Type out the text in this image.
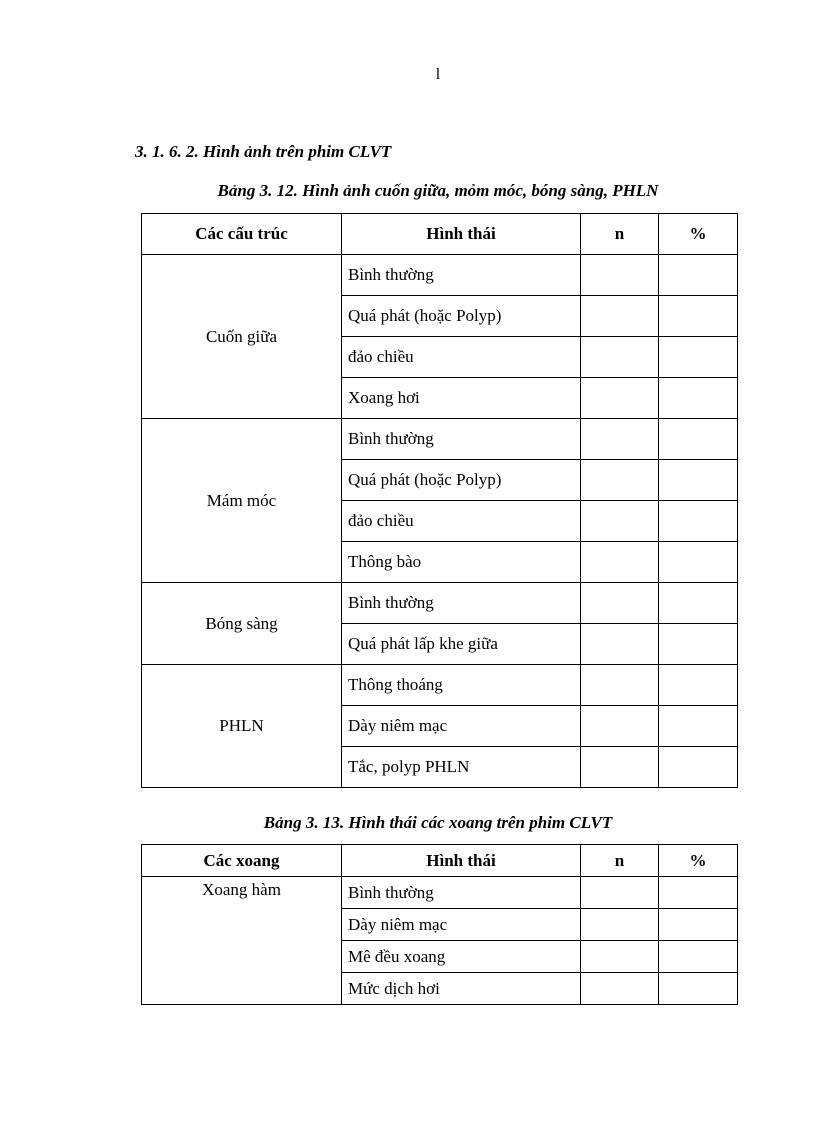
l
3. 1. 6. 2. Hình ảnh trên phim CLVT
Bảng 3. 12. Hình ảnh cuốn giữa, mỏm móc, bóng sàng, PHLN
Các cấu trúc	Hình thái	n	%
Cuốn giữa	Bình thường		
	Quá phát (hoặc Polyp)		
	đảo chiều		
	Xoang hơi		
Mám móc	Bình thường		
	Quá phát (hoặc Polyp)		
	đảo chiều		
	Thông bào		
Bóng sàng	Bình thường		
	Quá phát lấp khe giữa		
PHLN	Thông thoáng		
	Dày niêm mạc		
	Tắc, polyp PHLN		
Bảng 3. 13. Hình thái các xoang trên phim CLVT
Các xoang	Hình thái	n	%
Xoang hàm	Bình thường		
	Dày niêm mạc		
	Mê đều xoang		
	Mức dịch hơi		
